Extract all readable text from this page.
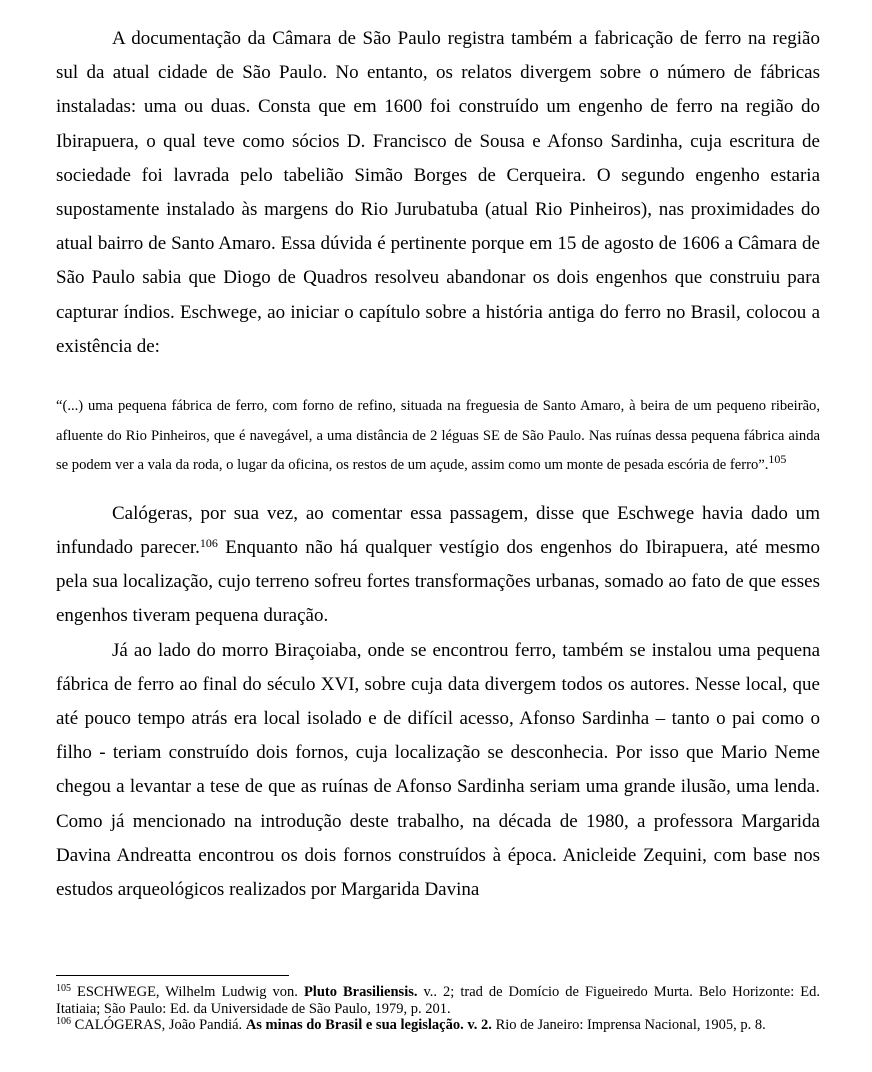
A documentação da Câmara de São Paulo registra também a fabricação de ferro na região sul da atual cidade de São Paulo. No entanto, os relatos divergem sobre o número de fábricas instaladas: uma ou duas. Consta que em 1600 foi construído um engenho de ferro na região do Ibirapuera, o qual teve como sócios D. Francisco de Sousa e Afonso Sardinha, cuja escritura de sociedade foi lavrada pelo tabelião Simão Borges de Cerqueira. O segundo engenho estaria supostamente instalado às margens do Rio Jurubatuba (atual Rio Pinheiros), nas proximidades do atual bairro de Santo Amaro. Essa dúvida é pertinente porque em 15 de agosto de 1606 a Câmara de São Paulo sabia que Diogo de Quadros resolveu abandonar os dois engenhos que construiu para capturar índios. Eschwege, ao iniciar o capítulo sobre a história antiga do ferro no Brasil, colocou a existência de:

“(...) uma pequena fábrica de ferro, com forno de refino, situada na freguesia de Santo Amaro, à beira de um pequeno ribeirão, afluente do Rio Pinheiros, que é navegável, a uma distância de 2 léguas SE de São Paulo. Nas ruínas dessa pequena fábrica ainda se podem ver a vala da roda, o lugar da oficina, os restos de um açude, assim como um monte de pesada escória de ferro”.$^{105}$

Calógeras, por sua vez, ao comentar essa passagem, disse que Eschwege havia dado um infundado parecer.$^{106}$ Enquanto não há qualquer vestígio dos engenhos do Ibirapuera, até mesmo pela sua localização, cujo terreno sofreu fortes transformações urbanas, somado ao fato de que esses engenhos tiveram pequena duração.

Já ao lado do morro Biraçoiaba, onde se encontrou ferro, também se instalou uma pequena fábrica de ferro ao final do século XVI, sobre cuja data divergem todos os autores. Nesse local, que até pouco tempo atrás era local isolado e de difícil acesso, Afonso Sardinha – tanto o pai como o filho - teriam construído dois fornos, cuja localização se desconhecia. Por isso que Mario Neme chegou a levantar a tese de que as ruínas de Afonso Sardinha seriam uma grande ilusão, uma lenda. Como já mencionado na introdução deste trabalho, na década de 1980, a professora Margarida Davina Andreatta encontrou os dois fornos construídos à época. Anicleide Zequini, com base nos estudos arqueológicos realizados por Margarida Davina

$^{105}$ ESCHWEGE, Wilhelm Ludwig von. Pluto Brasiliensis. v.. 2; trad de Domício de Figueiredo Murta. Belo Horizonte: Ed. Itatiaia; São Paulo: Ed. da Universidade de São Paulo, 1979, p. 201.

$^{106}$ CALÓGERAS, João Pandiá. As minas do Brasil e sua legislação. v. 2. Rio de Janeiro: Imprensa Nacional, 1905, p. 8.
